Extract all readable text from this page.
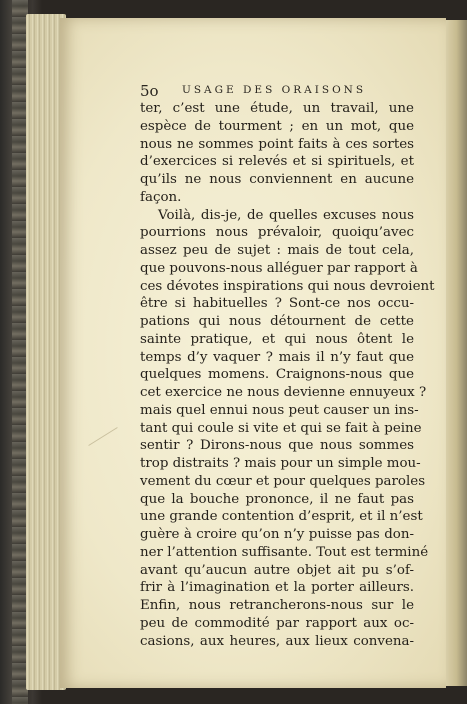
5o USAGE DES ORAISONS
ter, c’est une étude, un travail, une
espèce de tourment ; en un mot, que
nous ne sommes point faits à ces sortes
d’exercices si relevés et si spirituels, et
qu’ils ne nous conviennent en aucune
façon.
Voilà, dis-je, de quelles excuses nous
pourrions nous prévaloir, quoiqu’avec
assez peu de sujet : mais de tout cela,
que pouvons-nous alléguer par rapport à
ces dévotes inspirations qui nous devroient
être si habituelles ? Sont-ce nos occu-
pations qui nous détournent de cette
sainte pratique, et qui nous ôtent le
temps d’y vaquer ? mais il n’y faut que
quelques momens. Craignons-nous que
cet exercice ne nous devienne ennuyeux ?
mais quel ennui nous peut causer un ins-
tant qui coule si vite et qui se fait à peine
sentir ? Dirons-nous que nous sommes
trop distraits ? mais pour un simple mou-
vement du cœur et pour quelques paroles
que la bouche prononce, il ne faut pas
une grande contention d’esprit, et il n’est
guère à croire qu’on n’y puisse pas don-
ner l’attention suffisante. Tout est terminé
avant qu’aucun autre objet ait pu s’of-
frir à l’imagination et la porter ailleurs.
Enfin, nous retrancherons-nous sur le
peu de commodité par rapport aux oc-
casions, aux heures, aux lieux convena-
